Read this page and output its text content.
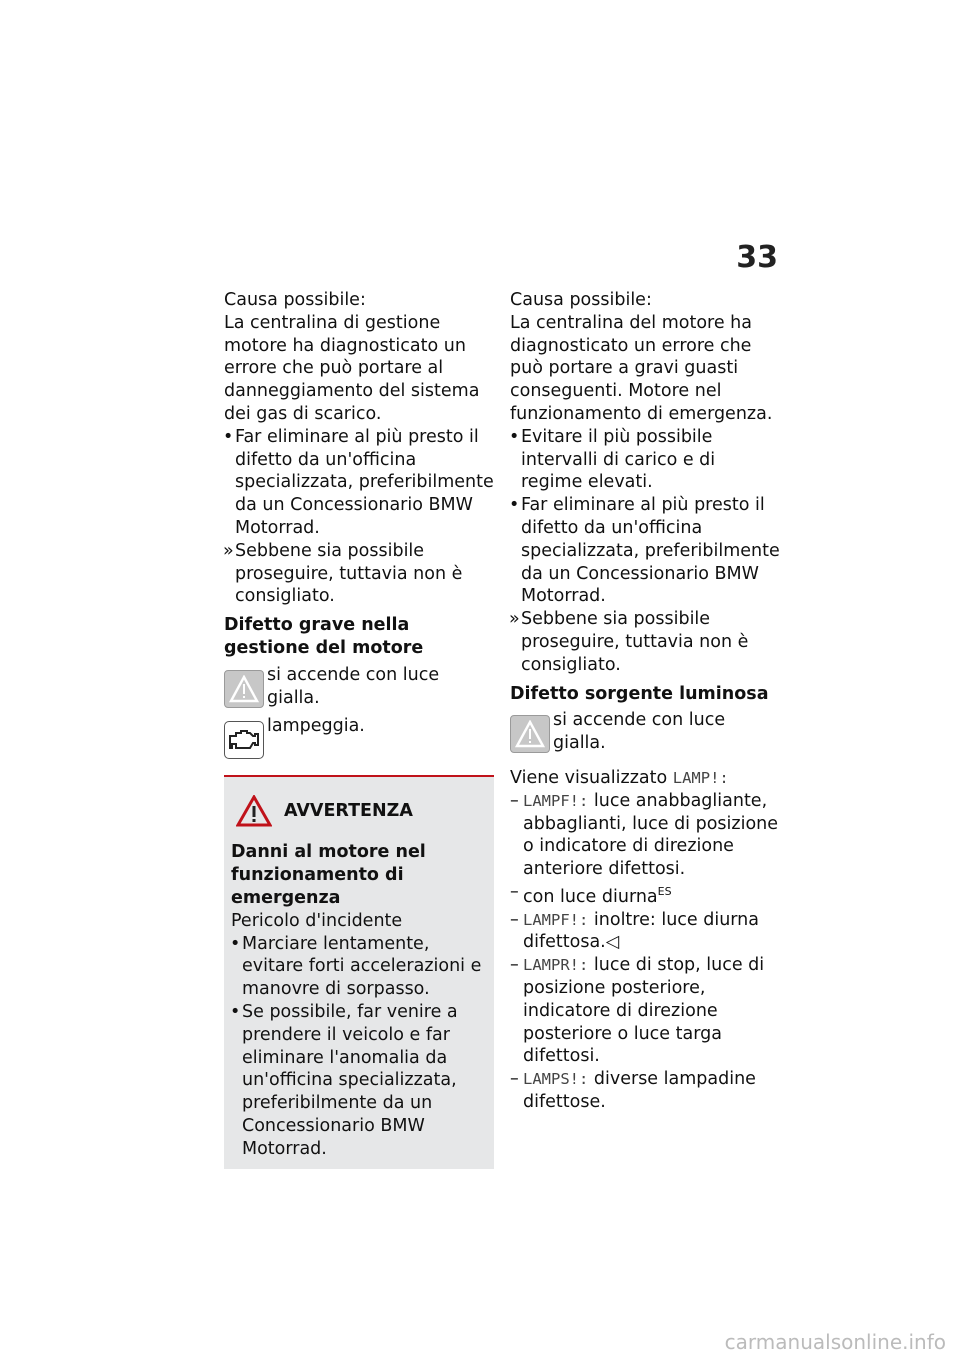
33

Causa possibile:

La centralina di gestione motore ha diagnosticato un errore che può portare al danneggiamento del sistema dei gas di scarico.

• Far eliminare al più presto il difetto da un'officina specializzata, preferibilmente da un Concessionario BMW Motorrad.
» Sebbene sia possibile proseguire, tuttavia non è consigliato.
Difetto grave nella gestione del motore
si accende con luce gialla.
lampeggia.
AVVERTENZA
Danni al motore nel funzionamento di emergenza

Pericolo d'incidente

• Marciare lentamente, evitare forti accelerazioni e manovre di sorpasso.
• Se possibile, far venire a prendere il veicolo e far eliminare l'anomalia da un'officina specializzata, preferibilmente da un Concessionario BMW Motorrad.

Causa possibile:

La centralina del motore ha diagnosticato un errore che può portare a gravi guasti conseguenti. Motore nel funzionamento di emergenza.

• Evitare il più possibile intervalli di carico e di regime elevati.
• Far eliminare al più presto il difetto da un'officina specializzata, preferibilmente da un Concessionario BMW Motorrad.
» Sebbene sia possibile proseguire, tuttavia non è consigliato.
Difetto sorgente luminosa
si accende con luce gialla.

Viene visualizzato LAMP!:

– LAMPF!: luce anabbagliante, abbaglianti, luce di posizione o indicatore di direzione anteriore difettosi.
– con luce diurna$^{ES}$
– LAMPF!: inoltre: luce diurna difettosa.◁
– LAMPR!: luce di stop, luce di posizione posteriore, indicatore di direzione posteriore o luce targa difettosi.
– LAMPS!: diverse lampadine difettose.
carmanualsonline.info
